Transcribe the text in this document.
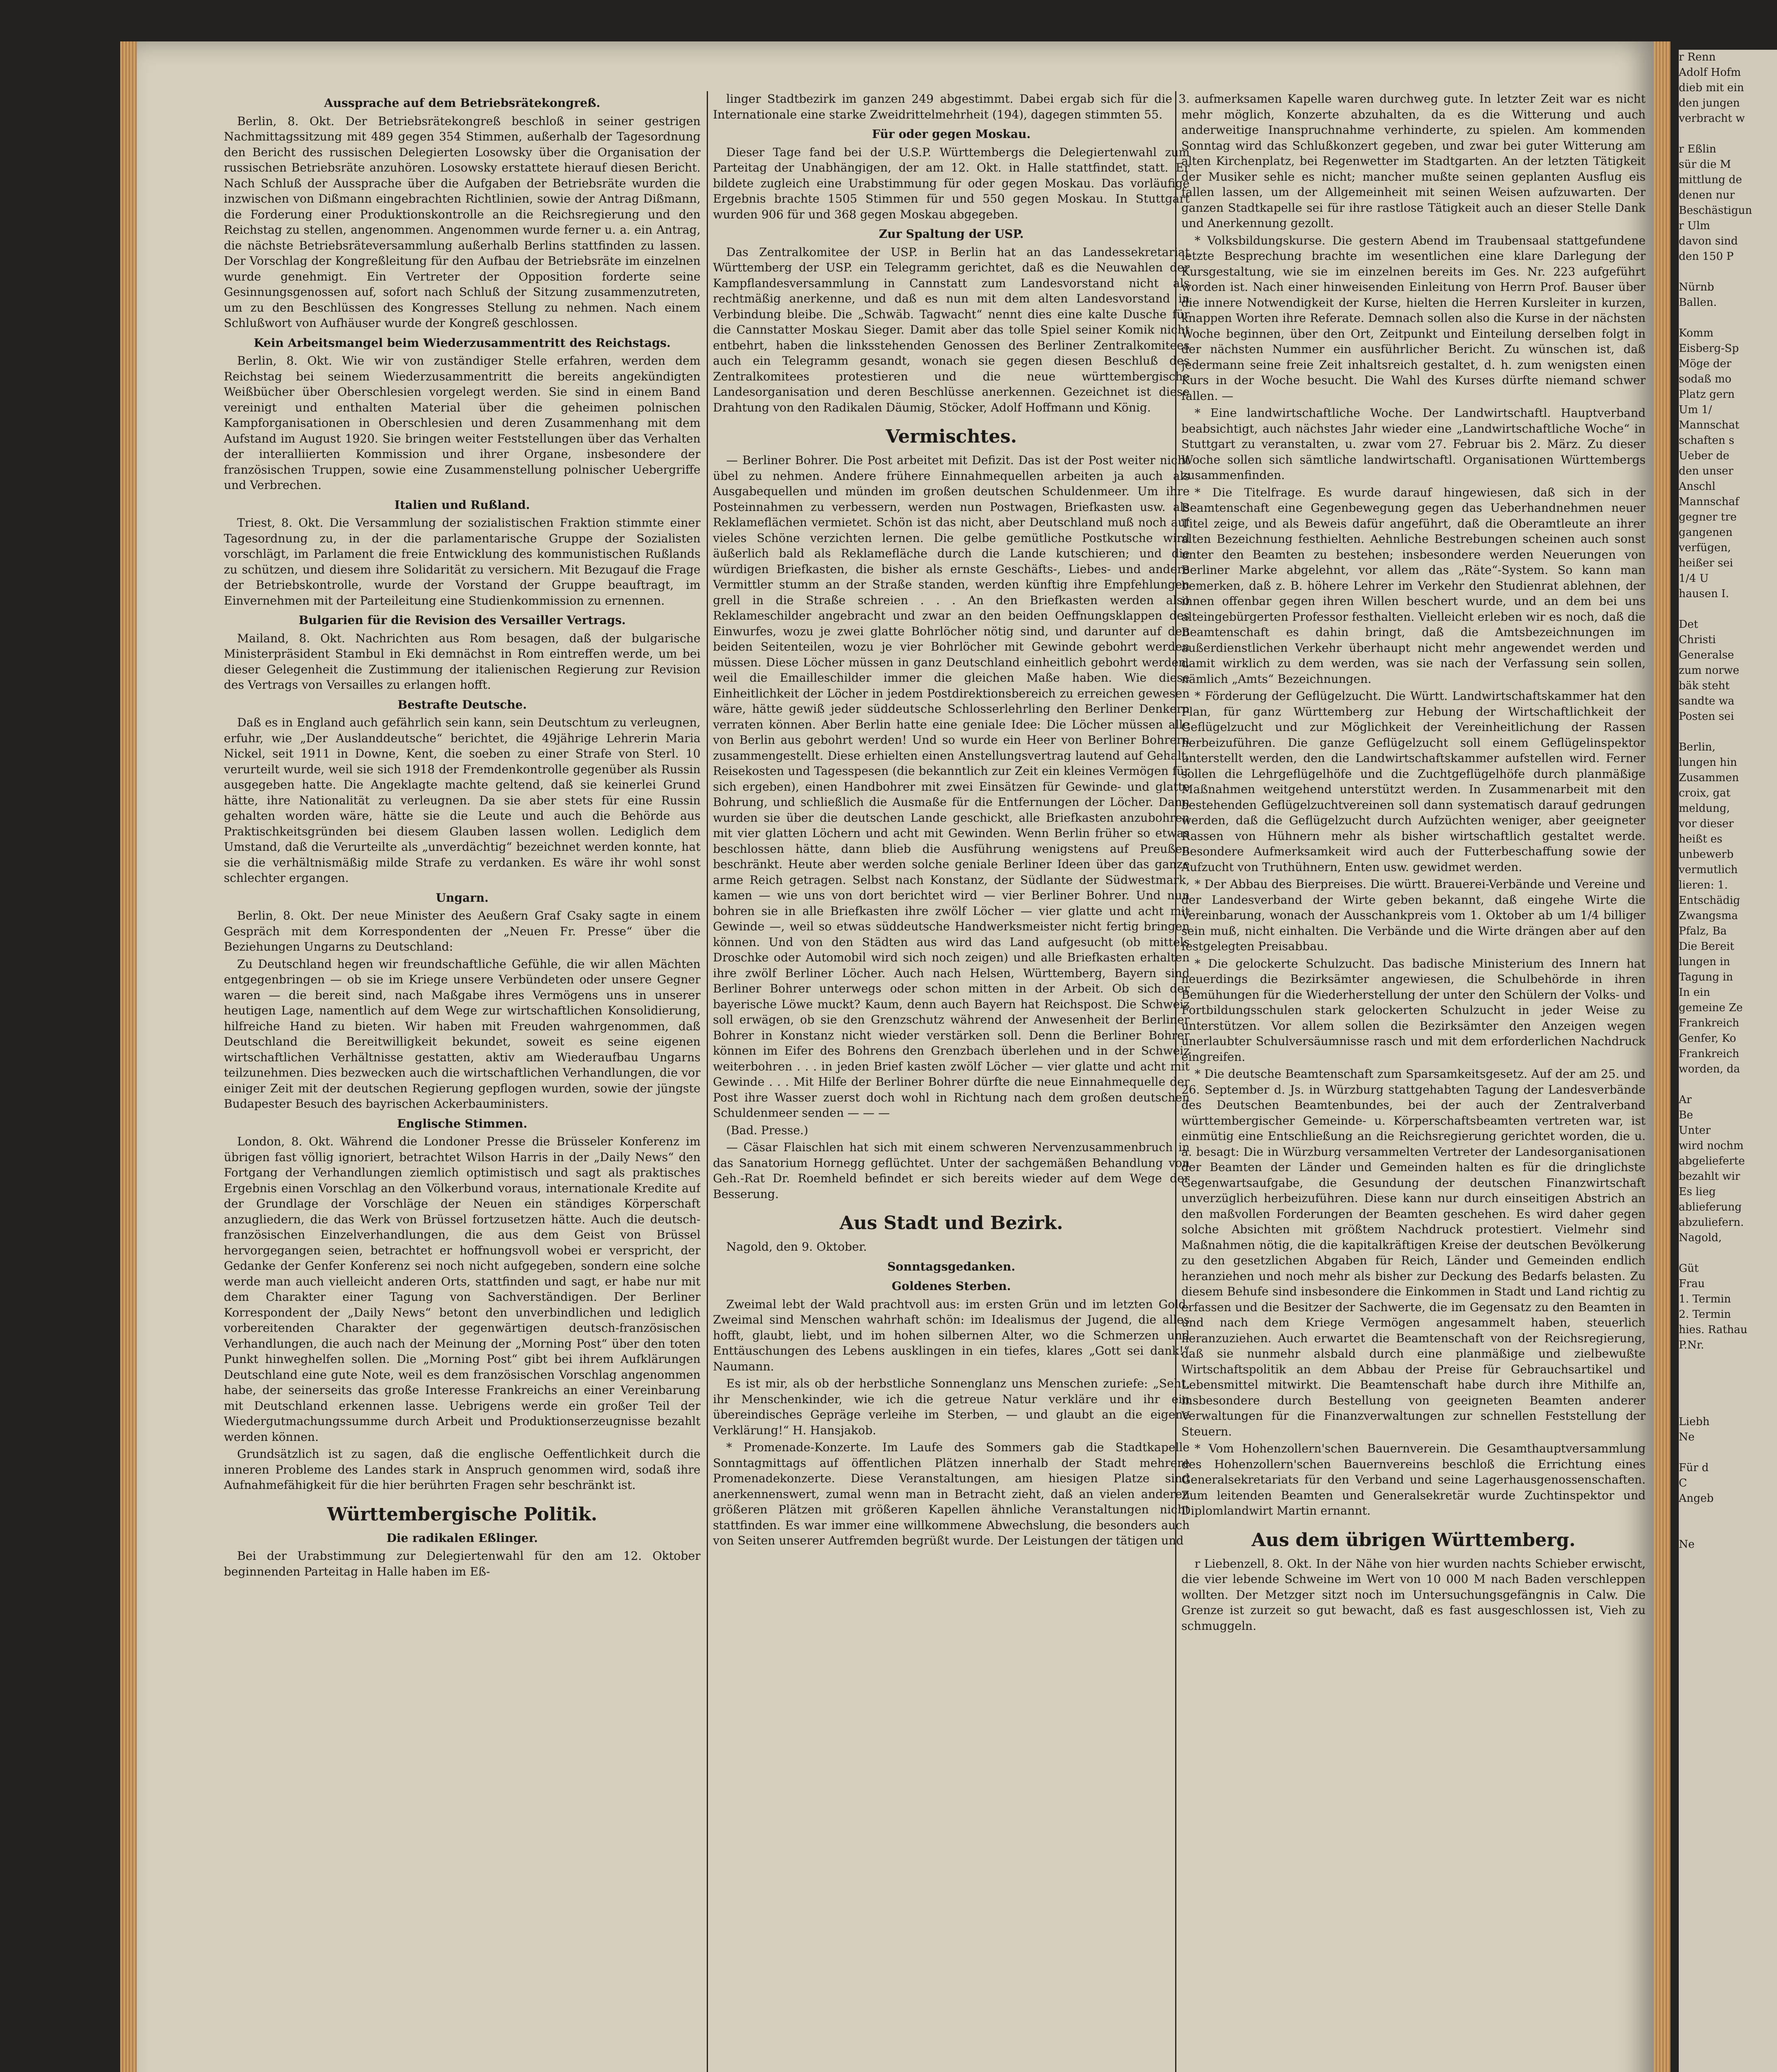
Aussprache auf dem Betriebsrätekongreß.

Berlin, 8. Okt. Der Betriebsrätekongreß beschloß in seiner gestrigen Nachmittagssitzung mit 489 gegen 354 Stimmen, außerhalb der Tagesordnung den Bericht des russischen Delegierten Losowsky über die Organisation der russischen Betriebsräte anzuhören. Losowsky erstattete hierauf diesen Bericht. Nach Schluß der Aussprache über die Aufgaben der Betriebsräte wurden die inzwischen von Dißmann eingebrachten Richtlinien, sowie der Antrag Dißmann, die Forderung einer Produktionskontrolle an die Reichsregierung und den Reichstag zu stellen, angenommen. Angenommen wurde ferner u. a. ein Antrag, die nächste Betriebsräteversammlung außerhalb Berlins stattfinden zu lassen. Der Vorschlag der Kongreßleitung für den Aufbau der Betriebsräte im einzelnen wurde genehmigt. Ein Vertreter der Opposition forderte seine Gesinnungsgenossen auf, sofort nach Schluß der Sitzung zusammenzutreten, um zu den Beschlüssen des Kongresses Stellung zu nehmen. Nach einem Schlußwort von Aufhäuser wurde der Kongreß geschlossen.

Kein Arbeitsmangel beim Wiederzusammentritt des Reichstags.

Berlin, 8. Okt. Wie wir von zuständiger Stelle erfahren, werden dem Reichstag bei seinem Wiederzusammentritt die bereits angekündigten Weißbücher über Oberschlesien vorgelegt werden. Sie sind in einem Band vereinigt und enthalten Material über die geheimen polnischen Kampforganisationen in Oberschlesien und deren Zusammenhang mit dem Aufstand im August 1920. Sie bringen weiter Feststellungen über das Verhalten der interalliierten Kommission und ihrer Organe, insbesondere der französischen Truppen, sowie eine Zusammenstellung polnischer Uebergriffe und Verbrechen.

Italien und Rußland.

Triest, 8. Okt. Die Versammlung der sozialistischen Fraktion stimmte einer Tagesordnung zu, in der die parlamentarische Gruppe der Sozialisten vorschlägt, im Parlament die freie Entwicklung des kommunistischen Rußlands zu schützen, und diesem ihre Solidarität zu versichern. Mit Bezugauf die Frage der Betriebskontrolle, wurde der Vorstand der Gruppe beauftragt, im Einvernehmen mit der Parteileitung eine Studienkommission zu ernennen.

Bulgarien für die Revision des Versailler Vertrags.

Mailand, 8. Okt. Nachrichten aus Rom besagen, daß der bulgarische Ministerpräsident Stambul in Eki demnächst in Rom eintreffen werde, um bei dieser Gelegenheit die Zustimmung der italienischen Regierung zur Revision des Vertrags von Versailles zu erlangen hofft.

Bestrafte Deutsche.

Daß es in England auch gefährlich sein kann, sein Deutschtum zu verleugnen, erfuhr, wie „Der Auslanddeutsche“ berichtet, die 49jährige Lehrerin Maria Nickel, seit 1911 in Downe, Kent, die soeben zu einer Strafe von Sterl. 10 verurteilt wurde, weil sie sich 1918 der Fremdenkontrolle gegenüber als Russin ausgegeben hatte. Die Angeklagte machte geltend, daß sie keinerlei Grund hätte, ihre Nationalität zu verleugnen. Da sie aber stets für eine Russin gehalten worden wäre, hätte sie die Leute und auch die Behörde aus Praktischkeitsgründen bei diesem Glauben lassen wollen. Lediglich dem Umstand, daß die Verurteilte als „unverdächtig“ bezeichnet werden konnte, hat sie die verhältnismäßig milde Strafe zu verdanken. Es wäre ihr wohl sonst schlechter ergangen.

Ungarn.

Berlin, 8. Okt. Der neue Minister des Aeußern Graf Csaky sagte in einem Gespräch mit dem Korrespondenten der „Neuen Fr. Presse“ über die Beziehungen Ungarns zu Deutschland:

Zu Deutschland hegen wir freundschaftliche Gefühle, die wir allen Mächten entgegenbringen — ob sie im Kriege unsere Verbündeten oder unsere Gegner waren — die bereit sind, nach Maßgabe ihres Vermögens uns in unserer heutigen Lage, namentlich auf dem Wege zur wirtschaftlichen Konsolidierung, hilfreiche Hand zu bieten. Wir haben mit Freuden wahrgenommen, daß Deutschland die Bereitwilligkeit bekundet, soweit es seine eigenen wirtschaftlichen Verhältnisse gestatten, aktiv am Wiederaufbau Ungarns teilzunehmen. Dies bezwecken auch die wirtschaftlichen Verhandlungen, die vor einiger Zeit mit der deutschen Regierung gepflogen wurden, sowie der jüngste Budapester Besuch des bayrischen Ackerbauministers.

Englische Stimmen.

London, 8. Okt. Während die Londoner Presse die Brüsseler Konferenz im übrigen fast völlig ignoriert, betrachtet Wilson Harris in der „Daily News“ den Fortgang der Verhandlungen ziemlich optimistisch und sagt als praktisches Ergebnis einen Vorschlag an den Völkerbund voraus, internationale Kredite auf der Grundlage der Vorschläge der Neuen ein ständiges Körperschaft anzugliedern, die das Werk von Brüssel fortzusetzen hätte. Auch die deutsch-französischen Einzelverhandlungen, die aus dem Geist von Brüssel hervorgegangen seien, betrachtet er hoffnungsvoll wobei er verspricht, der Gedanke der Genfer Konferenz sei noch nicht aufgegeben, sondern eine solche werde man auch vielleicht anderen Orts, stattfinden und sagt, er habe nur mit dem Charakter einer Tagung von Sachverständigen. Der Berliner Korrespondent der „Daily News“ betont den unverbindlichen und lediglich vorbereitenden Charakter der gegenwärtigen deutsch-französischen Verhandlungen, die auch nach der Meinung der „Morning Post“ über den toten Punkt hinweghelfen sollen. Die „Morning Post“ gibt bei ihrem Aufklärungen Deutschland eine gute Note, weil es dem französischen Vorschlag angenommen habe, der seinerseits das große Interesse Frankreichs an einer Vereinbarung mit Deutschland erkennen lasse. Uebrigens werde ein großer Teil der Wiedergutmachungssumme durch Arbeit und Produktionserzeugnisse bezahlt werden können.

Grundsätzlich ist zu sagen, daß die englische Oeffentlichkeit durch die inneren Probleme des Landes stark in Anspruch genommen wird, sodaß ihre Aufnahmefähigkeit für die hier berührten Fragen sehr beschränkt ist.

Württembergische Politik.
Die radikalen Eßlinger.

Bei der Urabstimmung zur Delegiertenwahl für den am 12. Oktober beginnenden Parteitag in Halle haben im Eß-

linger Stadtbezirk im ganzen 249 abgestimmt. Dabei ergab sich für die 3. Internationale eine starke Zweidrittelmehrheit (194), dagegen stimmten 55.

Für oder gegen Moskau.

Dieser Tage fand bei der U.S.P. Württembergs die Delegiertenwahl zum Parteitag der Unabhängigen, der am 12. Okt. in Halle stattfindet, statt. Er bildete zugleich eine Urabstimmung für oder gegen Moskau. Das vorläufige Ergebnis brachte 1505 Stimmen für und 550 gegen Moskau. In Stuttgart wurden 906 für und 368 gegen Moskau abgegeben.

Zur Spaltung der USP.

Das Zentralkomitee der USP. in Berlin hat an das Landessekretariat Württemberg der USP. ein Telegramm gerichtet, daß es die Neuwahlen der Kampflandesversammlung in Cannstatt zum Landesvorstand nicht als rechtmäßig anerkenne, und daß es nun mit dem alten Landesvorstand in Verbindung bleibe. Die „Schwäb. Tagwacht“ nennt dies eine kalte Dusche für die Cannstatter Moskau Sieger. Damit aber das tolle Spiel seiner Komik nicht entbehrt, haben die linksstehenden Genossen des Berliner Zentralkomitees auch ein Telegramm gesandt, wonach sie gegen diesen Beschluß des Zentralkomitees protestieren und die neue württembergische Landesorganisation und deren Beschlüsse anerkennen. Gezeichnet ist diese Drahtung von den Radikalen Däumig, Stöcker, Adolf Hoffmann und König.

Vermischtes.

— Berliner Bohrer. Die Post arbeitet mit Defizit. Das ist der Post weiter nicht übel zu nehmen. Andere frühere Einnahmequellen arbeiten ja auch als Ausgabequellen und münden im großen deutschen Schuldenmeer. Um ihre Posteinnahmen zu verbessern, werden nun Postwagen, Briefkasten usw. als Reklameflächen vermietet. Schön ist das nicht, aber Deutschland muß noch auf vieles Schöne verzichten lernen. Die gelbe gemütliche Postkutsche wird äußerlich bald als Reklamefläche durch die Lande kutschieren; und die würdigen Briefkasten, die bisher als ernste Geschäfts-, Liebes- und andere Vermittler stumm an der Straße standen, werden künftig ihre Empfehlungen grell in die Straße schreien . . . An den Briefkasten werden also Reklameschilder angebracht und zwar an den beiden Oeffnungsklappen des Einwurfes, wozu je zwei glatte Bohrlöcher nötig sind, und darunter auf den beiden Seitenteilen, wozu je vier Bohrlöcher mit Gewinde gebohrt werden müssen. Diese Löcher müssen in ganz Deutschland einheitlich gebohrt werden, weil die Emailleschilder immer die gleichen Maße haben. Wie diese Einheitlichkeit der Löcher in jedem Postdirektionsbereich zu erreichen gewesen wäre, hätte gewiß jeder süddeutsche Schlosserlehrling den Berliner Denkern verraten können. Aber Berlin hatte eine geniale Idee: Die Löcher müssen alle von Berlin aus gebohrt werden! Und so wurde ein Heer von Berliner Bohrern zusammengestellt. Diese erhielten einen Anstellungsvertrag lautend auf Gehalt, Reisekosten und Tagesspesen (die bekanntlich zur Zeit ein kleines Vermögen für sich ergeben), einen Handbohrer mit zwei Einsätzen für Gewinde- und glatte Bohrung, und schließlich die Ausmaße für die Entfernungen der Löcher. Dann wurden sie über die deutschen Lande geschickt, alle Briefkasten anzubohren mit vier glatten Löchern und acht mit Gewinden. Wenn Berlin früher so etwas beschlossen hätte, dann blieb die Ausführung wenigstens auf Preußen beschränkt. Heute aber werden solche geniale Berliner Ideen über das ganze arme Reich getragen. Selbst nach Konstanz, der Südlante der Südwestmark, kamen — wie uns von dort berichtet wird — vier Berliner Bohrer. Und nun bohren sie in alle Briefkasten ihre zwölf Löcher — vier glatte und acht mit Gewinde —, weil so etwas süddeutsche Handwerksmeister nicht fertig bringen können. Und von den Städten aus wird das Land aufgesucht (ob mittels Droschke oder Automobil wird sich noch zeigen) und alle Briefkasten erhalten ihre zwölf Berliner Löcher. Auch nach Helsen, Württemberg, Bayern sind Berliner Bohrer unterwegs oder schon mitten in der Arbeit. Ob sich der bayerische Löwe muckt? Kaum, denn auch Bayern hat Reichspost. Die Schweiz soll erwägen, ob sie den Grenzschutz während der Anwesenheit der Berliner Bohrer in Konstanz nicht wieder verstärken soll. Denn die Berliner Bohrer können im Eifer des Bohrens den Grenzbach überlehen und in der Schweiz weiterbohren . . . in jeden Brief kasten zwölf Löcher — vier glatte und acht mit Gewinde . . . Mit Hilfe der Berliner Bohrer dürfte die neue Einnahmequelle der Post ihre Wasser zuerst doch wohl in Richtung nach dem großen deutschen Schuldenmeer senden — — —

(Bad. Presse.)

— Cäsar Flaischlen hat sich mit einem schweren Nervenzusammenbruch in das Sanatorium Hornegg geflüchtet. Unter der sachgemäßen Behandlung von Geh.-Rat Dr. Roemheld befindet er sich bereits wieder auf dem Wege der Besserung.

Aus Stadt und Bezirk.

Nagold, den 9. Oktober.

Sonntagsgedanken.
Goldenes Sterben.

Zweimal lebt der Wald prachtvoll aus: im ersten Grün und im letzten Gold. Zweimal sind Menschen wahrhaft schön: im Idealismus der Jugend, die alles hofft, glaubt, liebt, und im hohen silbernen Alter, wo die Schmerzen und Enttäuschungen des Lebens ausklingen in ein tiefes, klares „Gott sei dank!“ Naumann.

Es ist mir, als ob der herbstliche Sonnenglanz uns Menschen zuriefe: „Seht, ihr Menschenkinder, wie ich die getreue Natur verkläre und ihr ein übereindisches Gepräge verleihe im Sterben, — und glaubt an die eigene Verklärung!“ H. Hansjakob.

* Promenade-Konzerte. Im Laufe des Sommers gab die Stadtkapelle Sonntagmittags auf öffentlichen Plätzen innerhalb der Stadt mehrere Promenadekonzerte. Diese Veranstaltungen, am hiesigen Platze sind anerkennenswert, zumal wenn man in Betracht zieht, daß an vielen anderen größeren Plätzen mit größeren Kapellen ähnliche Veranstaltungen nicht stattfinden. Es war immer eine willkommene Abwechslung, die besonders auch von Seiten unserer Autfremden begrüßt wurde. Der Leistungen der tätigen und

aufmerksamen Kapelle waren durchweg gute. In letzter Zeit war es nicht mehr möglich, Konzerte abzuhalten, da es die Witterung und auch anderweitige Inanspruchnahme verhinderte, zu spielen. Am kommenden Sonntag wird das Schlußkonzert gegeben, und zwar bei guter Witterung am alten Kirchenplatz, bei Regenwetter im Stadtgarten. An der letzten Tätigkeit der Musiker sehle es nicht; mancher mußte seinen geplanten Ausflug eis fallen lassen, um der Allgemeinheit mit seinen Weisen aufzuwarten. Der ganzen Stadtkapelle sei für ihre rastlose Tätigkeit auch an dieser Stelle Dank und Anerkennung gezollt.

* Volksbildungskurse. Die gestern Abend im Traubensaal stattgefundene letzte Besprechung brachte im wesentlichen eine klare Darlegung der Kursgestaltung, wie sie im einzelnen bereits im Ges. Nr. 223 aufgeführt worden ist. Nach einer hinweisenden Einleitung von Herrn Prof. Bauser über die innere Notwendigkeit der Kurse, hielten die Herren Kursleiter in kurzen, knappen Worten ihre Referate. Demnach sollen also die Kurse in der nächsten Woche beginnen, über den Ort, Zeitpunkt und Einteilung derselben folgt in der nächsten Nummer ein ausführlicher Bericht. Zu wünschen ist, daß jedermann seine freie Zeit inhaltsreich gestaltet, d. h. zum wenigsten einen Kurs in der Woche besucht. Die Wahl des Kurses dürfte niemand schwer fallen. —

* Eine landwirtschaftliche Woche. Der Landwirtschaftl. Hauptverband beabsichtigt, auch nächstes Jahr wieder eine „Landwirtschaftliche Woche“ in Stuttgart zu veranstalten, u. zwar vom 27. Februar bis 2. März. Zu dieser Woche sollen sich sämtliche landwirtschaftl. Organisationen Württembergs zusammenfinden.

* Die Titelfrage. Es wurde darauf hingewiesen, daß sich in der Beamtenschaft eine Gegenbewegung gegen das Ueberhandnehmen neuer Titel zeige, und als Beweis dafür angeführt, daß die Oberamtleute an ihrer alten Bezeichnung festhielten. Aehnliche Bestrebungen scheinen auch sonst unter den Beamten zu bestehen; insbesondere werden Neuerungen von Berliner Marke abgelehnt, vor allem das „Räte“-System. So kann man bemerken, daß z. B. höhere Lehrer im Verkehr den Studienrat ablehnen, der ihnen offenbar gegen ihren Willen beschert wurde, und an dem bei uns alteingebürgerten Professor festhalten. Vielleicht erleben wir es noch, daß die Beamtenschaft es dahin bringt, daß die Amtsbezeichnungen im außerdienstlichen Verkehr überhaupt nicht mehr angewendet werden und damit wirklich zu dem werden, was sie nach der Verfassung sein sollen, nämlich „Amts“ Bezeichnungen.

* Förderung der Geflügelzucht. Die Württ. Landwirtschaftskammer hat den Plan, für ganz Württemberg zur Hebung der Wirtschaftlichkeit der Geflügelzucht und zur Möglichkeit der Vereinheitlichung der Rassen herbeizuführen. Die ganze Geflügelzucht soll einem Geflügelinspektor unterstellt werden, den die Landwirtschaftskammer aufstellen wird. Ferner sollen die Lehrgeflügelhöfe und die Zuchtgeflügelhöfe durch planmäßige Maßnahmen weitgehend unterstützt werden. In Zusammenarbeit mit den bestehenden Geflügelzuchtvereinen soll dann systematisch darauf gedrungen werden, daß die Geflügelzucht durch Aufzüchten weniger, aber geeigneter Rassen von Hühnern mehr als bisher wirtschaftlich gestaltet werde. Besondere Aufmerksamkeit wird auch der Futterbeschaffung sowie der Aufzucht von Truthühnern, Enten usw. gewidmet werden.

* Der Abbau des Bierpreises. Die württ. Brauerei-Verbände und Vereine und der Landesverband der Wirte geben bekannt, daß eingehe Wirte die Vereinbarung, wonach der Ausschankpreis vom 1. Oktober ab um 1/4 billiger sein muß, nicht einhalten. Die Verbände und die Wirte drängen aber auf den festgelegten Preisabbau.

* Die gelockerte Schulzucht. Das badische Ministerium des Innern hat neuerdings die Bezirksämter angewiesen, die Schulbehörde in ihren Bemühungen für die Wiederherstellung der unter den Schülern der Volks- und Fortbildungsschulen stark gelockerten Schulzucht in jeder Weise zu unterstützen. Vor allem sollen die Bezirksämter den Anzeigen wegen unerlaubter Schulversäumnisse rasch und mit dem erforderlichen Nachdruck eingreifen.

* Die deutsche Beamtenschaft zum Sparsamkeitsgesetz. Auf der am 25. und 26. September d. Js. in Würzburg stattgehabten Tagung der Landesverbände des Deutschen Beamtenbundes, bei der auch der Zentralverband württembergischer Gemeinde- u. Körperschaftsbeamten vertreten war, ist einmütig eine Entschließung an die Reichsregierung gerichtet worden, die u. a. besagt: Die in Würzburg versammelten Vertreter der Landesorganisationen der Beamten der Länder und Gemeinden halten es für die dringlichste Gegenwartsaufgabe, die Gesundung der deutschen Finanzwirtschaft unverzüglich herbeizuführen. Diese kann nur durch einseitigen Abstrich an den maßvollen Forderungen der Beamten geschehen. Es wird daher gegen solche Absichten mit größtem Nachdruck protestiert. Vielmehr sind Maßnahmen nötig, die die kapitalkräftigen Kreise der deutschen Bevölkerung zu den gesetzlichen Abgaben für Reich, Länder und Gemeinden endlich heranziehen und noch mehr als bisher zur Deckung des Bedarfs belasten. Zu diesem Behufe sind insbesondere die Einkommen in Stadt und Land richtig zu erfassen und die Besitzer der Sachwerte, die im Gegensatz zu den Beamten in und nach dem Kriege Vermögen angesammelt haben, steuerlich heranzuziehen. Auch erwartet die Beamtenschaft von der Reichsregierung, daß sie nunmehr alsbald durch eine planmäßige und zielbewußte Wirtschaftspolitik an dem Abbau der Preise für Gebrauchsartikel und Lebensmittel mitwirkt. Die Beamtenschaft habe durch ihre Mithilfe an, insbesondere durch Bestellung von geeigneten Beamten anderer Verwaltungen für die Finanzverwaltungen zur schnellen Feststellung der Steuern.

* Vom Hohenzollern'schen Bauernverein. Die Gesamthauptversammlung des Hohenzollern'schen Bauernvereins beschloß die Errichtung eines Generalsekretariats für den Verband und seine Lagerhausgenossenschaften. Zum leitenden Beamten und Generalsekretär wurde Zuchtinspektor und Diplomlandwirt Martin ernannt.

Aus dem übrigen Württemberg.

r Liebenzell, 8. Okt. In der Nähe von hier wurden nachts Schieber erwischt, die vier lebende Schweine im Wert von 10 000 M nach Baden verschleppen wollten. Der Metzger sitzt noch im Untersuchungsgefängnis in Calw. Die Grenze ist zurzeit so gut bewacht, daß es fast ausgeschlossen ist, Vieh zu schmuggeln.

r Renn
Adolf Hofm
dieb mit ein
den jungen
verbracht w

r Eßlin
sür die M
mittlung de
denen nur
Beschästigun
r Ulm
davon sind
den 150 P

Nürnb
Ballen.

Komm
Eisberg-Sp
Möge der
sodaß mo
Platz gern
Um 1/
Mannschat
schaften s
Ueber de
den unser
Anschl
Mannschaf
gegner tre
gangenen
verfügen,
heißer sei
1/4 U
hausen I.

Det
Christi
Generalse
zum norwe
bäk steht
sandte wa
Posten sei

Berlin,
lungen hin
Zusammen
croix, gat
meldung,
vor dieser
heißt es
unbewerb
vermutlich
lieren: 1.
Entschädig
Zwangsma
Pfalz, Ba
Die Bereit
lungen in
Tagung in
In ein
gemeine Ze
Frankreich
Genfer, Ko
Frankreich
worden, da

Ar
Be
Unter
wird nochm
abgelieferte
bezahlt wir
Es lieg
ablieferung
abzuliefern.
Nagold,

Güt
Frau
1. Termin
2. Termin
hies. Rathau
P.Nr.

Liebh
Ne

Für d
C
Angeb

Ne
